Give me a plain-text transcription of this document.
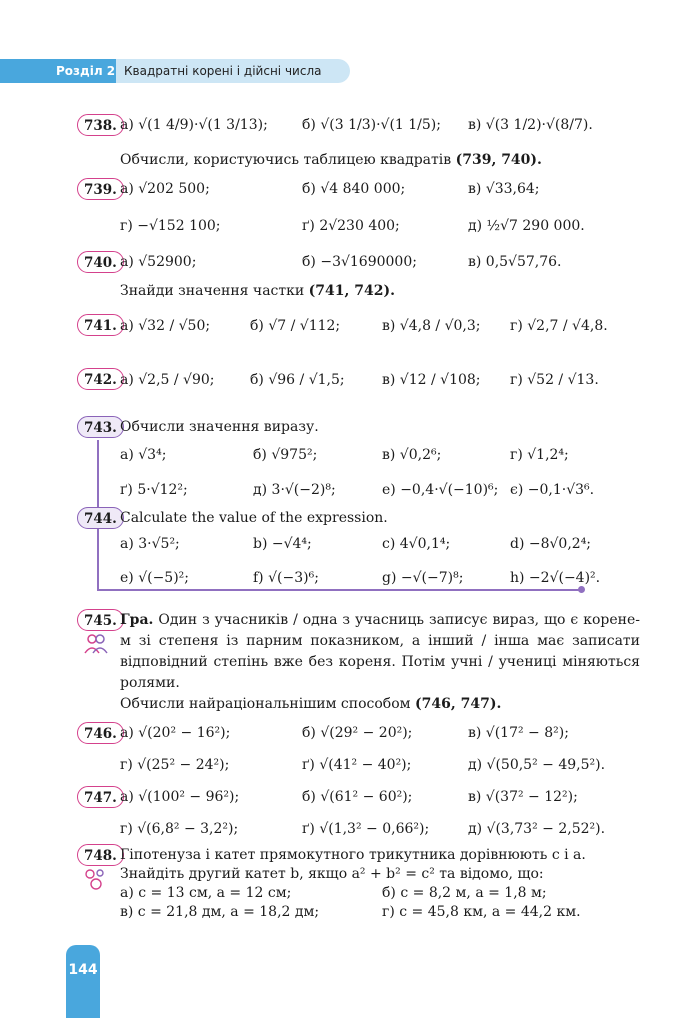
Розділ 2 Квадратні корені і дійсні числа
738. а) √(1 4/9)·√(1 3/13); б) √(3 1/3)·√(1 1/5); в) √(3 1/2)·√(8/7).
Обчисли, користуючись таблицею квадратів (739, 740).
739. а) √202 500;	б) √4 840 000;	в) √33,64;
г) −√152 100;	ґ) 2√230 400;	д) ½√7 290 000.
740. а) √52900;	б) −3√1690000;	в) 0,5√57,76.
Знайди значення частки (741, 742).
741. а) √32 / √50;	б) √7 / √112;	в) √4,8 / √0,3; г) √2,7 / √4,8.
742. а) √2,5 / √90;	б) √96 / √1,5;	в) √12 / √108; г) √52 / √13.
743. Обчисли значення виразу.
а) √3⁴;	б) √975²;	в) √0,2⁶;	г) √1,2⁴;
ґ) 5·√12²;	д) 3·√(−2)⁸;	е) −0,4·√(−10)⁶; є) −0,1·√3⁶.
744. Calculate the value of the expression.
a) 3·√5²;	b) −√4⁴;	c) 4√0,1⁴;	d) −8√0,2⁴;
e) √(−5)²;	f) √(−3)⁶;	g) −√(−7)⁸;	h) −2√(−4)².
745. Гра. Один з учасників / одна з учасниць записує вираз, що є коренем зі степеня із парним показником, а інший / інша має записати відповідний степінь вже без кореня. Потім учні / учениці міняються ролями.
Обчисли найраціональнішим способом (746, 747).
746. а) √(20² − 16²);	б) √(29² − 20²);	в) √(17² − 8²);
г) √(25² − 24²);	ґ) √(41² − 40²);	д) √(50,5² − 49,5²).
747. а) √(100² − 96²);	б) √(61² − 60²);	в) √(37² − 12²);
г) √(6,8² − 3,2²);	ґ) √(1,3² − 0,66²);	д) √(3,73² − 2,52²).
748. Гіпотенуза і катет прямокутного трикутника дорівнюють c і a.
Знайдіть другий катет b, якщо a² + b² = c² та відомо, що:
а) c = 13 см, a = 12 см;	б) c = 8,2 м, a = 1,8 м;
в) c = 21,8 дм, a = 18,2 дм;	г) c = 45,8 км, a = 44,2 км.
144
